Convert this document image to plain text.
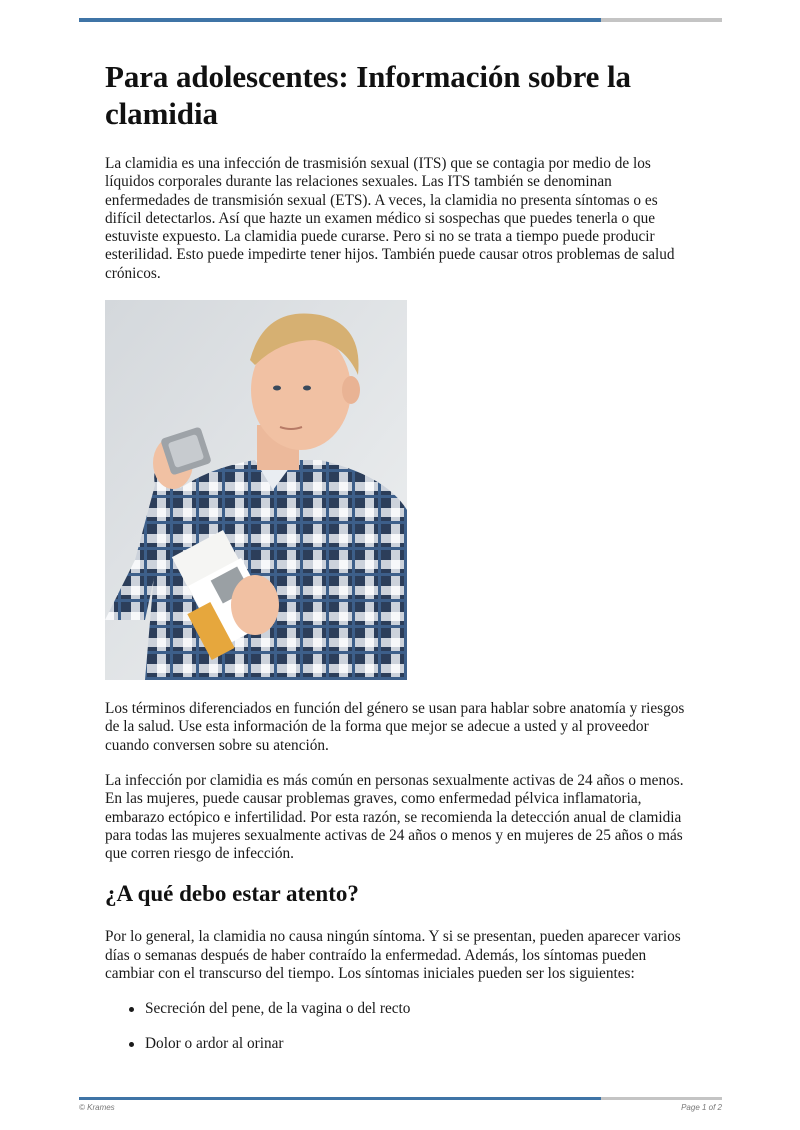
Para adolescentes: Información sobre la clamidia

La clamidia es una infección de trasmisión sexual (ITS) que se contagia por medio de los líquidos corporales durante las relaciones sexuales. Las ITS también se denominan enfermedades de transmisión sexual (ETS). A veces, la clamidia no presenta síntomas o es difícil detectarlos. Así que hazte un examen médico si sospechas que puedes tenerla o que estuviste expuesto. La clamidia puede curarse. Pero si no se trata a tiempo puede producir esterilidad. Esto puede impedirte tener hijos. También puede causar otros problemas de salud crónicos.

Los términos diferenciados en función del género se usan para hablar sobre anatomía y riesgos de la salud. Use esta información de la forma que mejor se adecue a usted y al proveedor cuando conversen sobre su atención.

La infección por clamidia es más común en personas sexualmente activas de 24 años o menos. En las mujeres, puede causar problemas graves, como enfermedad pélvica inflamatoria, embarazo ectópico e infertilidad. Por esta razón, se recomienda la detección anual de clamidia para todas las mujeres sexualmente activas de 24 años o menos y en mujeres de 25 años o más que corren riesgo de infección.

¿A qué debo estar atento?

Por lo general, la clamidia no causa ningún síntoma. Y si se presentan, pueden aparecer varios días o semanas después de haber contraído la enfermedad. Además, los síntomas pueden cambiar con el transcurso del tiempo. Los síntomas iniciales pueden ser los siguientes:

Secreción del pene, de la vagina o del recto
Dolor o ardor al orinar
© Krames	Page 1 of 2
